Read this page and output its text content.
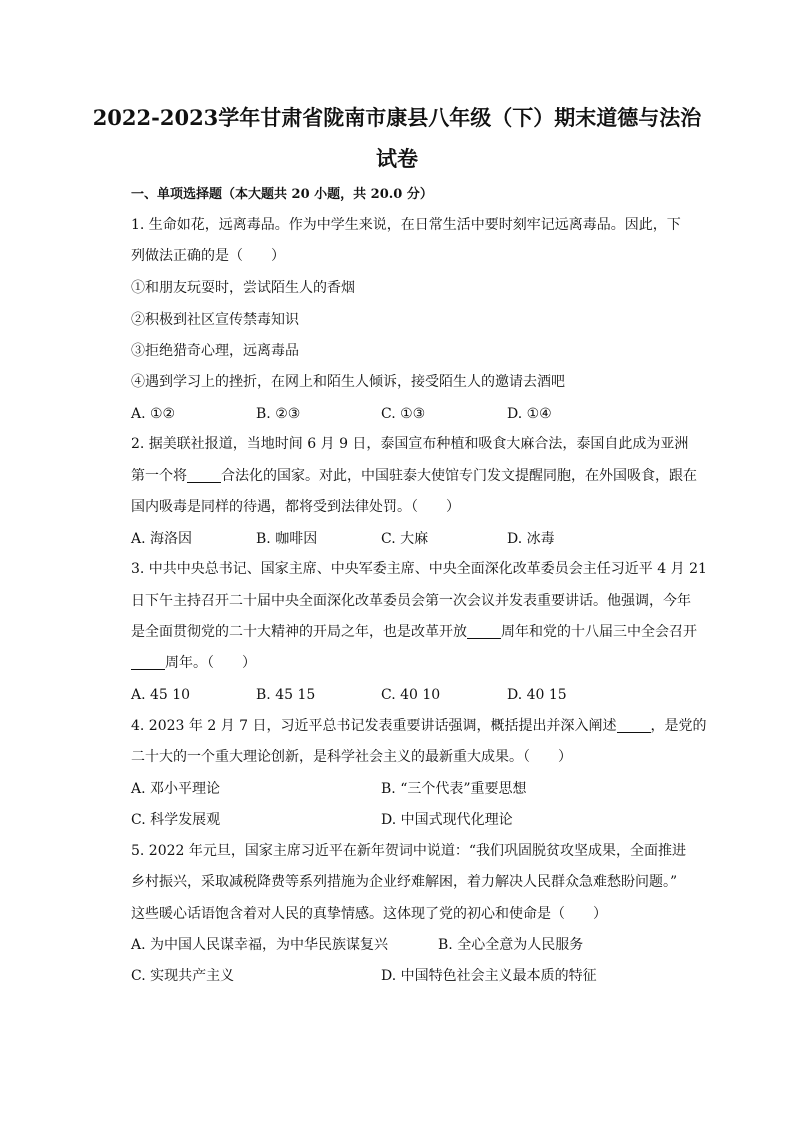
2022-2023学年甘肃省陇南市康县八年级（下）期末道德与法治
试卷
一、单项选择题（本大题共 20 小题，共 20.0 分）
1. 生命如花，远离毒品。作为中学生来说，在日常生活中要时刻牢记远离毒品。因此，下
列做法正确的是（　　）
①和朋友玩耍时，尝试陌生人的香烟
②积极到社区宣传禁毒知识
③拒绝猎奇心理，远离毒品
④遇到学习上的挫折，在网上和陌生人倾诉，接受陌生人的邀请去酒吧
A. ①②	B. ②③	C. ①③	D. ①④
2. 据美联社报道，当地时间 6 月 9 日，泰国宣布种植和吸食大麻合法，泰国自此成为亚洲
第一个将 合法化的国家。对此，中国驻泰大使馆专门发文提醒同胞，在外国吸食，跟在
国内吸毒是同样的待遇，都将受到法律处罚。（　　）
A. 海洛因	B. 咖啡因	C. 大麻	D. 冰毒
3. 中共中央总书记、国家主席、中央军委主席、中央全面深化改革委员会主任习近平 4 月 21
日下午主持召开二十届中央全面深化改革委员会第一次会议并发表重要讲话。他强调，今年
是全面贯彻党的二十大精神的开局之年，也是改革开放 周年和党的十八届三中全会召开
周年。（　　）
A. 45 10	B. 45 15	C. 40 10	D. 40 15
4. 2023 年 2 月 7 日，习近平总书记发表重要讲话强调，概括提出并深入阐述 ，是党的
二十大的一个重大理论创新，是科学社会主义的最新重大成果。（　　）
A. 邓小平理论	B. “三个代表”重要思想
C. 科学发展观	D. 中国式现代化理论
5. 2022 年元旦，国家主席习近平在新年贺词中说道：“我们巩固脱贫攻坚成果，全面推进
乡村振兴，采取减税降费等系列措施为企业纾难解困，着力解决人民群众急难愁盼问题。”
这些暖心话语饱含着对人民的真挚情感。这体现了党的初心和使命是（　　）
A. 为中国人民谋幸福，为中华民族谋复兴	B. 全心全意为人民服务
C. 实现共产主义	D. 中国特色社会主义最本质的特征
